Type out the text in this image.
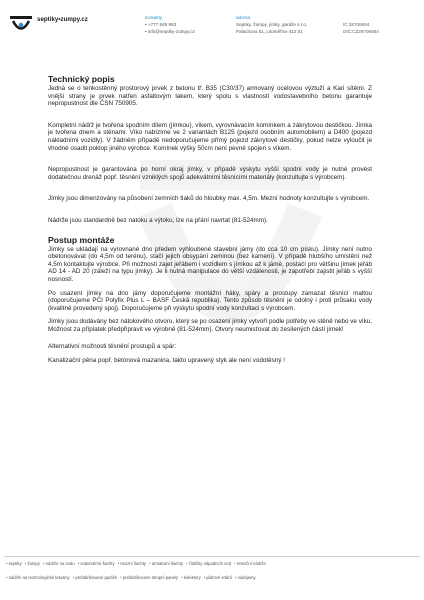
septiky•zumpy.cz	kontakty
• +777 848 993
• info@septiky-zumpy.cz
adresa
Septiky, žumpy, jímky, garáže s.r.o.
Palachova 51, Litoměřice 412 01
IČ:28706684
DIČ:CZ28706684
Technický popis

Jedná se o tenkostěnný prostorový prvek z betonu tř. B35 (C30/37) armovaný ocelovou výztuží a Kari sítěmi. Z vnější strany je prvek natřen asfaltovým lakem, který spolu s vlastností vodostavebního betonu garantuje nepropustnost dle ČSN 750905.

Kompletní nádrž je tvořena spodním dílem (jímkou), víkem, vyrovnávacím komínkem a zákrytovou destičkou. Jímka je tvořena dnem a stěnami. Víko nabízíme ve 2 variantách B125 (pojezd osobním automobilem) a D400 (pojezd nákladními vozidly). V žádném případě nedoporučujeme přímý pojezd zákrytové destičky, pokud nelze vyloučit je vhodné osadit poklop jiného výrobce. Komínek výšky 50cm není pevně spojen s víkem.

Nepropustnost je garantována po horní okraj jímky, v případě výskytu vyšší spodní vody je nutné provést dodatečnou drenáž popř. těsnění vzniklých spojů adekvátními těsnícími materiály (konzultujte s výrobcem).

Jímky jsou dimenzovány na působení zemních tlaků do hloubky max. 4,5m. Mezní hodnoty konzultujte s výrobcem.

Nádrže jsou standardně bez natoku a výtoku, lze na přání navrtat (81-524mm).

Postup montáže

Jímky se ukládají na vyrovnané dno předem vyhloubené stavební jámy (do cca 10 cm písku). Jímky není nutno obetonovávat (do 4,5m od terénu), stačí jejich obsypání zeminou (bez kamení). V případě hlubšího umístění než 4,5m kontaktujte výrobce. Při možnosti zajet jeřábem i vozidlem s jímkou až k jámě, postačí pro většinu jímek jeřáb AD 14 - AD 20 (záleží na typu jímky). Je li nutná manipulace do větší vzdálenosti, je zapotřebí zajistit jeřáb s vyšší nosností.

Po usazení jímky na dno jámy doporučujeme montážní háky, spáry a prostupy zamazat těsnící maltou (doporučujeme PCI Polyfix Plus L – BASF Česká republika). Tento způsob těsnění je odolný i proti průsaku vody (kvalitně provedený spoj). Doporučujeme při výskytu spodní vody konzultaci s výrobcem.

Jímky jsou dodávány bez nátokového otvoru, který se po osazení jímky vytvoří podle potřeby ve stěně nebo ve víku. Možnost za příplatek předpřipravit ve výrobně (81-524mm). Otvory neumisťovat do zesílených částí jímek!

Alternativní možnosti těsnění prostupů a spár:

Kanalizační pěna popř. betonová mazanina, takto upravený styk ale není vodotěsný !

• septiky • žumpy • nádrže na vodu • vodoměrné šachty • revizní šachty • armaturní šachty • čističky odpadních vod • retenční nádrže
• nádrže na technologické tekutiny • prefabrikované garáže • prefabrikované stropní panely • kolektory • jádrové vrtání • vodojemy
